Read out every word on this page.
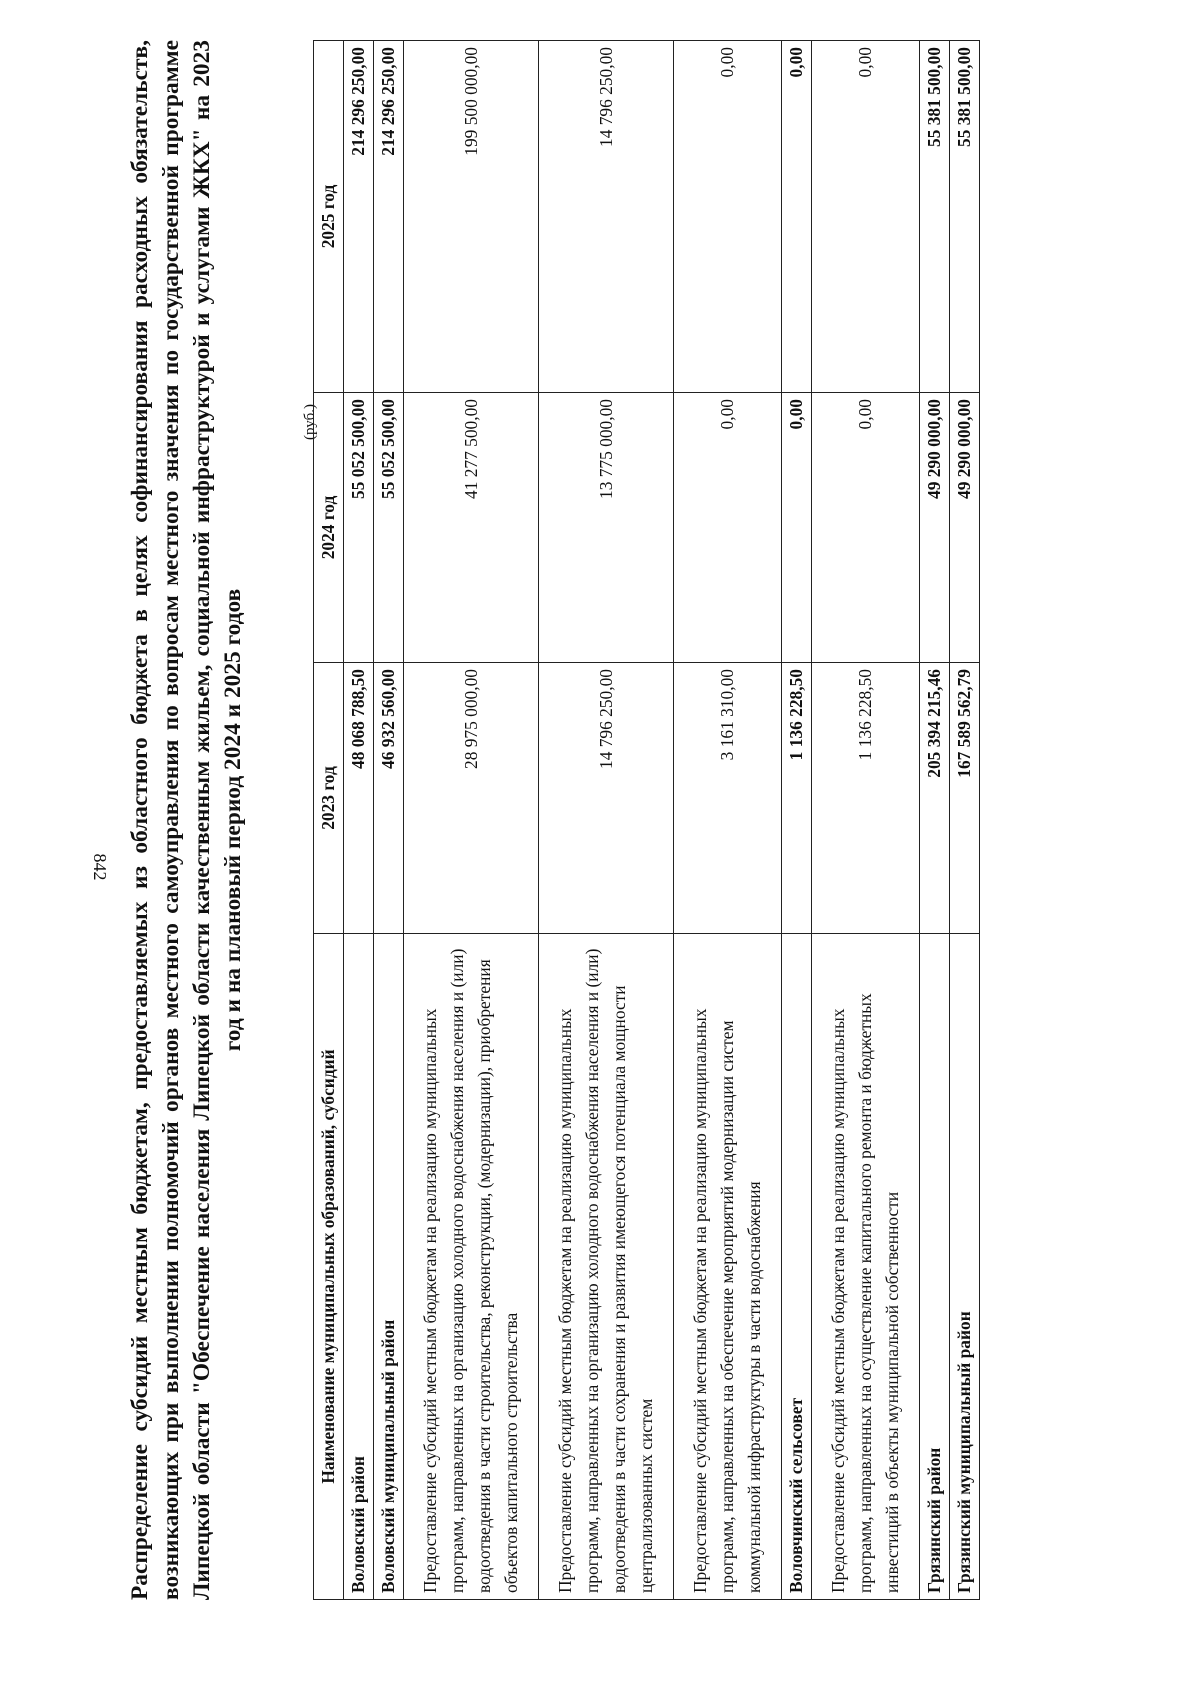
842 Распределение субсидий местным бюджетам, предоставляемых из областного бюджета в целях софинансирования расходных обязательств, возникающих при выполнении полномочий органов местного самоуправления по вопросам местного значения по государственной программе Липецкой области "Обеспечение населения Липецкой области качественным жильем, социальной инфраструктурой и услугами ЖКХ" на 2023 год и на плановый период 2024 и 2025 годов
(руб.)
Наименование муниципальных образований, субсидий	2023 год	2024 год	2025 год
Воловский район	48 068 788,50	55 052 500,00	214 296 250,00
Воловский муниципальный район	46 932 560,00	55 052 500,00	214 296 250,00
Предоставление субсидий местным бюджетам на реализацию муниципальных программ, направленных на организацию холодного водоснабжения населения и (или) водоотведения в части строительства, реконструкции, (модернизации), приобретения объектов капитального строительства	28 975 000,00	41 277 500,00	199 500 000,00
Предоставление субсидий местным бюджетам на реализацию муниципальных программ, направленных на организацию холодного водоснабжения населения и (или) водоотведения в части сохранения и развития имеющегося потенциала мощности централизованных систем	14 796 250,00	13 775 000,00	14 796 250,00
Предоставление субсидий местным бюджетам на реализацию муниципальных программ, направленных на обеспечение мероприятий модернизации систем коммунальной инфраструктуры в части водоснабжения	3 161 310,00	0,00	0,00
Воловчинский сельсовет	1 136 228,50	0,00	0,00
Предоставление субсидий местным бюджетам на реализацию муниципальных программ, направленных на осуществление капитального ремонта и бюджетных инвестиций в объекты муниципальной собственности	1 136 228,50	0,00	0,00
Грязинский район	205 394 215,46	49 290 000,00	55 381 500,00
Грязинский муниципальный район	167 589 562,79	49 290 000,00	55 381 500,00
